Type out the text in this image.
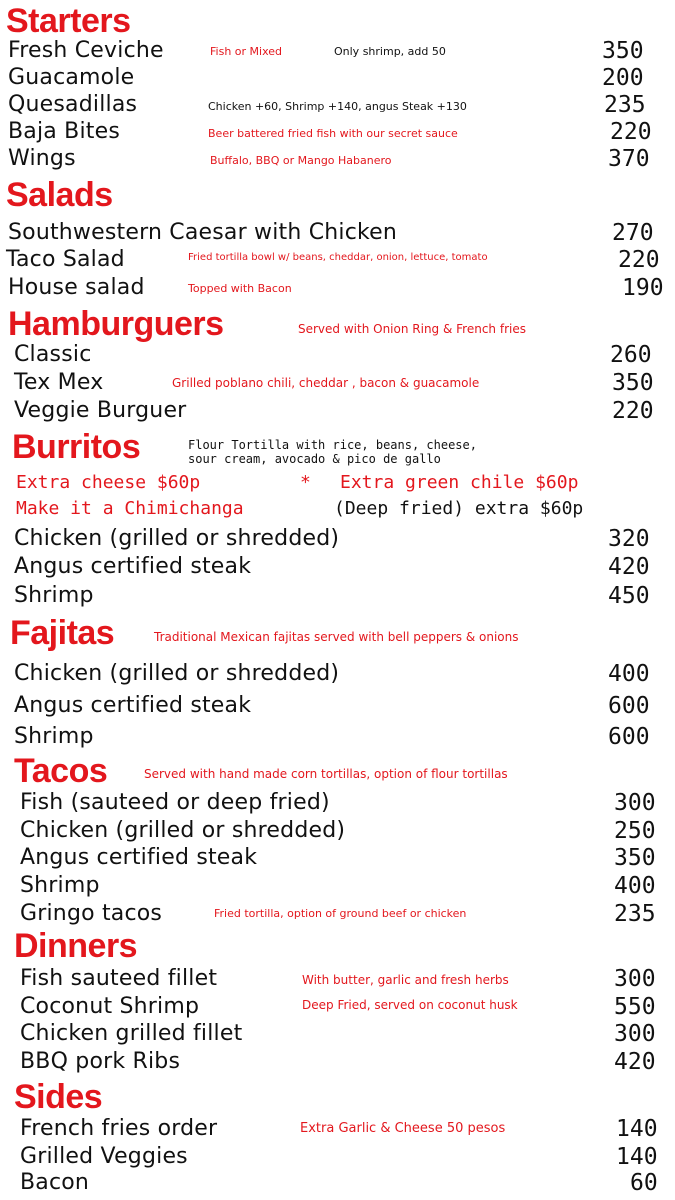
Starters
Fresh Ceviche	Fish or Mixed	Only shrimp, add 50	350
Guacamole	200
Quesadillas	Chicken +60, Shrimp +140, angus Steak +130	235
Baja Bites	Beer battered fried fish with our secret sauce	220
Wings	Buffalo, BBQ or Mango Habanero	370
Salads
Southwestern Caesar with Chicken	270
Taco Salad	Fried tortilla bowl w/ beans, cheddar, onion, lettuce, tomato	220
House salad	Topped with Bacon	190
Hamburguers	Served with Onion Ring & French fries
Classic	260
Tex Mex	Grilled poblano chili, cheddar , bacon & guacamole	350
Veggie Burguer	220
Burritos	Flour Tortilla with rice, beans, cheese,
sour cream, avocado & pico de gallo
Extra cheese $60p	* Extra green chile $60p
Make it a Chimichanga	(Deep fried) extra $60p
Chicken (grilled or shredded)	320
Angus certified steak	420
Shrimp	450
Fajitas	Traditional Mexican fajitas served with bell peppers & onions
Chicken (grilled or shredded)	400
Angus certified steak	600
Shrimp	600
Tacos	Served with hand made corn tortillas, option of flour tortillas
Fish (sauteed or deep fried)	300
Chicken (grilled or shredded)	250
Angus certified steak	350
Shrimp	400
Gringo tacos	Fried tortilla, option of ground beef or chicken	235
Dinners
Fish sauteed fillet	With butter, garlic and fresh herbs	300
Coconut Shrimp	Deep Fried, served on coconut husk	550
Chicken grilled fillet	300
BBQ pork Ribs	420
Sides
French fries order	Extra Garlic & Cheese 50 pesos	140
Grilled Veggies	140
Bacon	60
